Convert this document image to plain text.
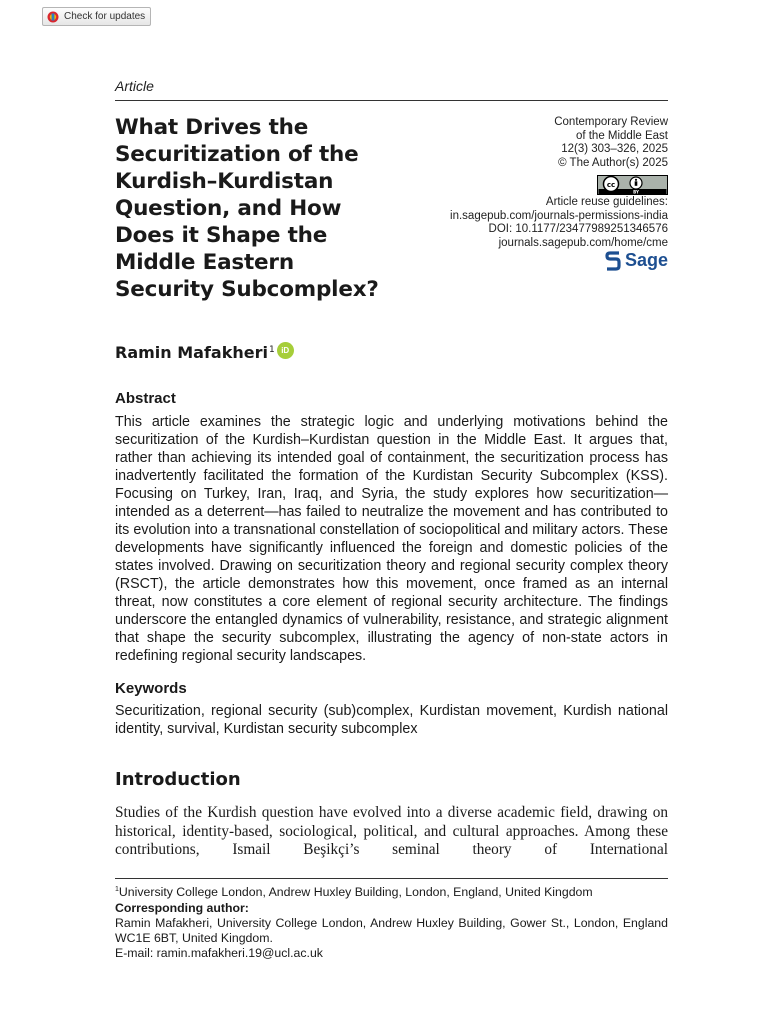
Check for updates
Article
What Drives the
Securitization of the
Kurdish–Kurdistan
Question, and How
Does it Shape the
Middle Eastern
Security Subcomplex?
Contemporary Review
of the Middle East
12(3) 303–326, 2025
© The Author(s) 2025
cc
BY
Article reuse guidelines:
in.sagepub.com/journals-permissions-india
DOI: 10.1177/23477989251346576
journals.sagepub.com/home/cme
Sage
Ramin Mafakheri 1 iD
Abstract

This article examines the strategic logic and underlying motivations behind the securitization of the Kurdish–Kurdistan question in the Middle East. It argues that, rather than achieving its intended goal of containment, the securitization process has inadvertently facilitated the formation of the Kurdistan Security Subcomplex (KSS). Focusing on Turkey, Iran, Iraq, and Syria, the study explores how securitization—intended as a deterrent—has failed to neutralize the movement and has contributed to its evolution into a transnational constellation of sociopolitical and military actors. These developments have significantly influenced the foreign and domestic policies of the states involved. Drawing on securitization theory and regional security complex theory (RSCT), the article demonstrates how this movement, once framed as an internal threat, now constitutes a core element of regional security architecture. The findings underscore the entangled dynamics of vulnerability, resistance, and strategic alignment that shape the security subcomplex, illustrating the agency of non-state actors in redefining regional security landscapes.

Keywords

Securitization, regional security (sub)complex, Kurdistan movement, Kurdish national identity, survival, Kurdistan security subcomplex

Introduction

Studies of the Kurdish question have evolved into a diverse academic field, drawing on historical, identity-based, sociological, political, and cultural approaches. Among these contributions, Ismail Beşikçi’s seminal theory of International

$^1$University College London, Andrew Huxley Building, London, England, United Kingdom
Corresponding author:
Ramin Mafakheri, University College London, Andrew Huxley Building, Gower St., London, England WC1E 6BT, United Kingdom.
E-mail: ramin.mafakheri.19@ucl.ac.uk
